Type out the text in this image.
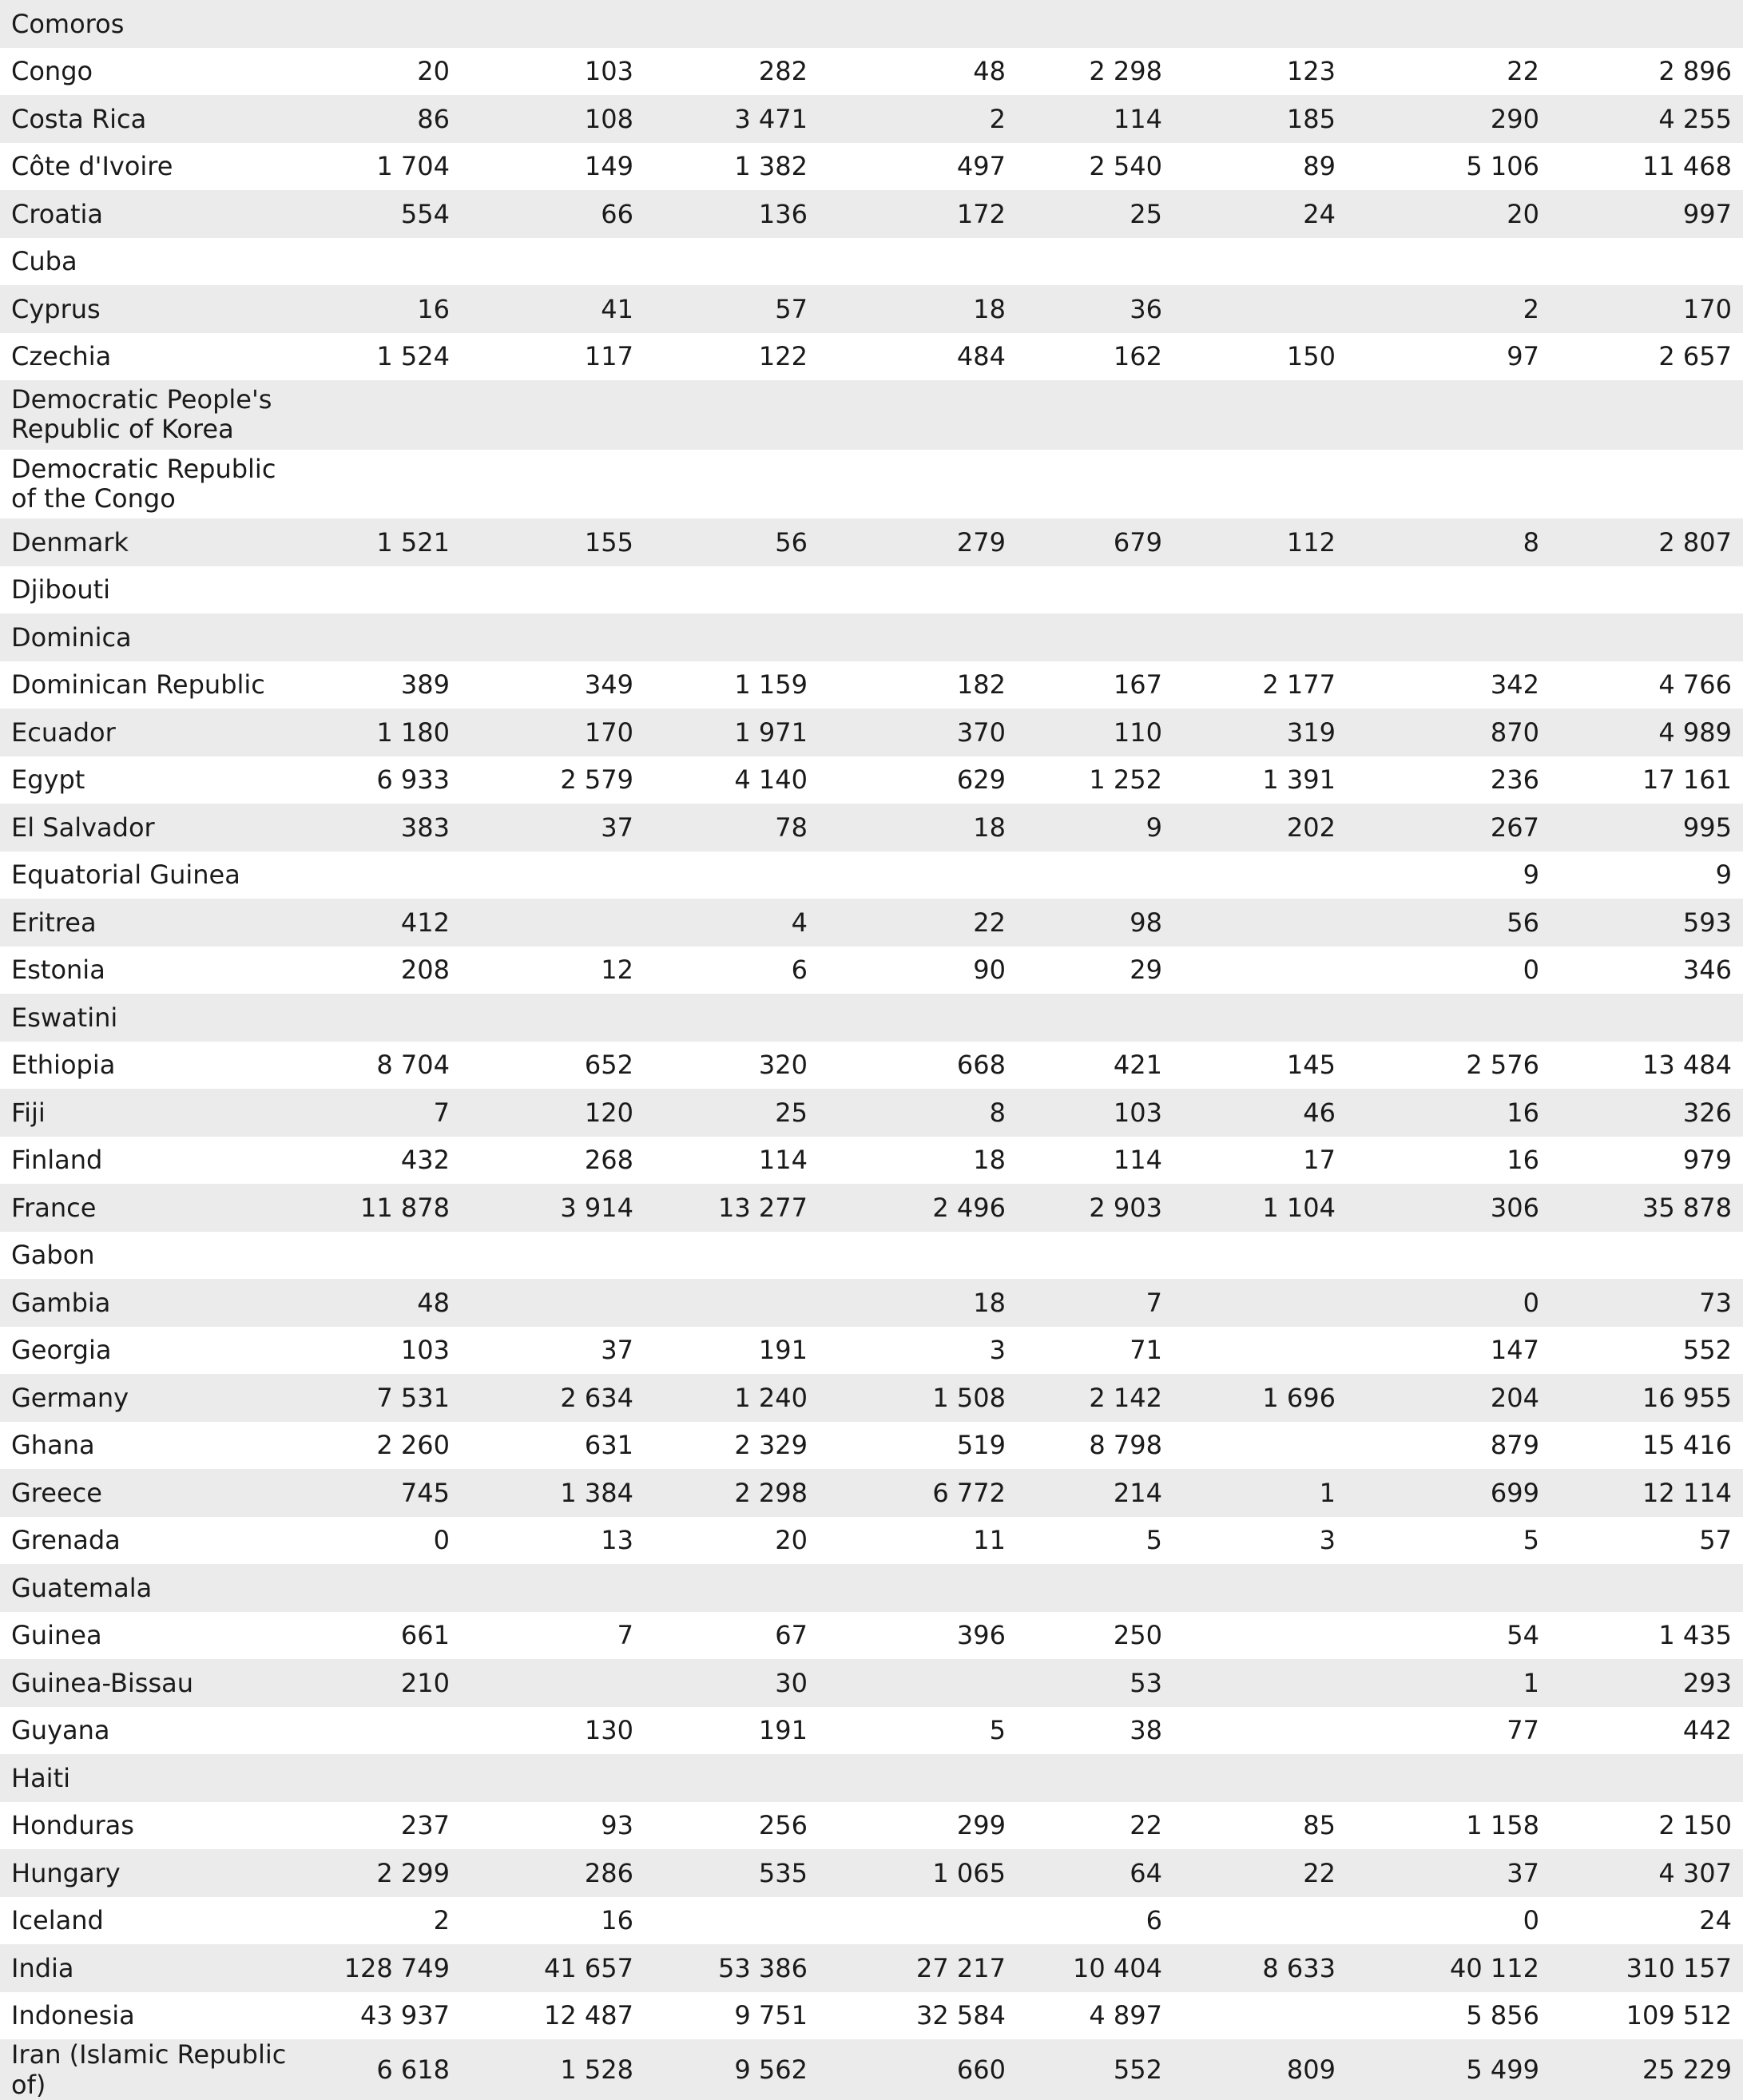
Comoros								
Congo	20	103	282	48	2 298	123	22	2 896
Costa Rica	86	108	3 471	2	114	185	290	4 255
Côte d'Ivoire	1 704	149	1 382	497	2 540	89	5 106	11 468
Croatia	554	66	136	172	25	24	20	997
Cuba								
Cyprus	16	41	57	18	36		2	170
Czechia	1 524	117	122	484	162	150	97	2 657
Democratic People's Republic of Korea								
Democratic Republic of the Congo								
Denmark	1 521	155	56	279	679	112	8	2 807
Djibouti								
Dominica								
Dominican Republic	389	349	1 159	182	167	2 177	342	4 766
Ecuador	1 180	170	1 971	370	110	319	870	4 989
Egypt	6 933	2 579	4 140	629	1 252	1 391	236	17 161
El Salvador	383	37	78	18	9	202	267	995
Equatorial Guinea							9	9
Eritrea	412		4	22	98		56	593
Estonia	208	12	6	90	29		0	346
Eswatini								
Ethiopia	8 704	652	320	668	421	145	2 576	13 484
Fiji	7	120	25	8	103	46	16	326
Finland	432	268	114	18	114	17	16	979
France	11 878	3 914	13 277	2 496	2 903	1 104	306	35 878
Gabon								
Gambia	48			18	7		0	73
Georgia	103	37	191	3	71		147	552
Germany	7 531	2 634	1 240	1 508	2 142	1 696	204	16 955
Ghana	2 260	631	2 329	519	8 798		879	15 416
Greece	745	1 384	2 298	6 772	214	1	699	12 114
Grenada	0	13	20	11	5	3	5	57
Guatemala								
Guinea	661	7	67	396	250		54	1 435
Guinea-Bissau	210		30		53		1	293
Guyana		130	191	5	38		77	442
Haiti								
Honduras	237	93	256	299	22	85	1 158	2 150
Hungary	2 299	286	535	1 065	64	22	37	4 307
Iceland	2	16			6		0	24
India	128 749	41 657	53 386	27 217	10 404	8 633	40 112	310 157
Indonesia	43 937	12 487	9 751	32 584	4 897		5 856	109 512
Iran (Islamic Republic of)	6 618	1 528	9 562	660	552	809	5 499	25 229
